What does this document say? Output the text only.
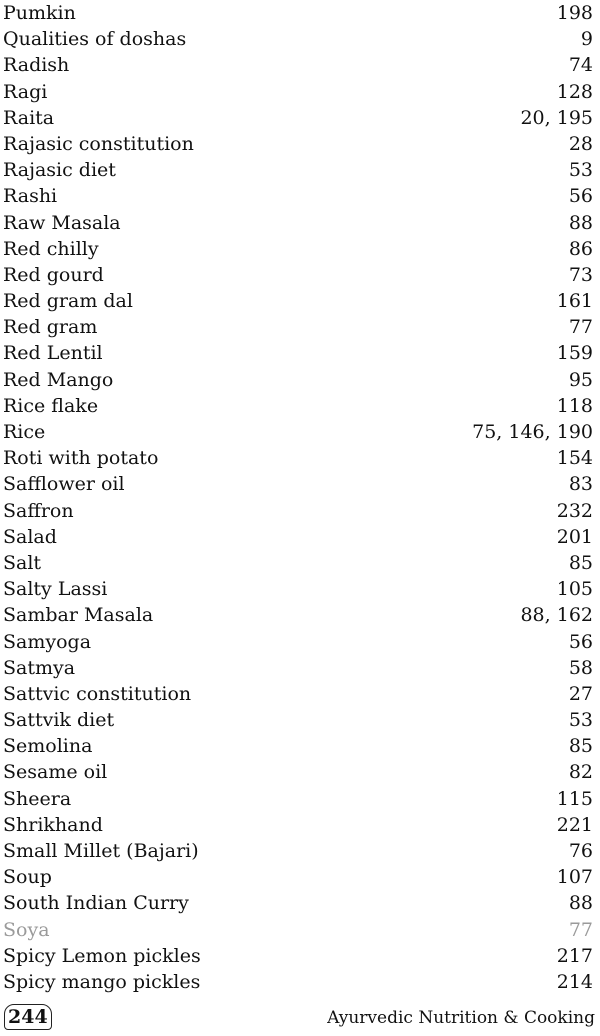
Pumkin	198
Qualities of doshas	9
Radish	74
Ragi	128
Raita	20, 195
Rajasic constitution	28
Rajasic diet	53
Rashi	56
Raw Masala	88
Red chilly	86
Red gourd	73
Red gram dal	161
Red gram	77
Red Lentil	159
Red Mango	95
Rice flake	118
Rice	75, 146, 190
Roti with potato	154
Safflower oil	83
Saffron	232
Salad	201
Salt	85
Salty Lassi	105
Sambar Masala	88, 162
Samyoga	56
Satmya	58
Sattvic constitution	27
Sattvik diet	53
Semolina	85
Sesame oil	82
Sheera	115
Shrikhand	221
Small Millet (Bajari)	76
Soup	107
South Indian Curry	88
Soya	77
Spicy Lemon pickles	217
Spicy mango pickles	214
244	Ayurvedic Nutrition & Cooking
